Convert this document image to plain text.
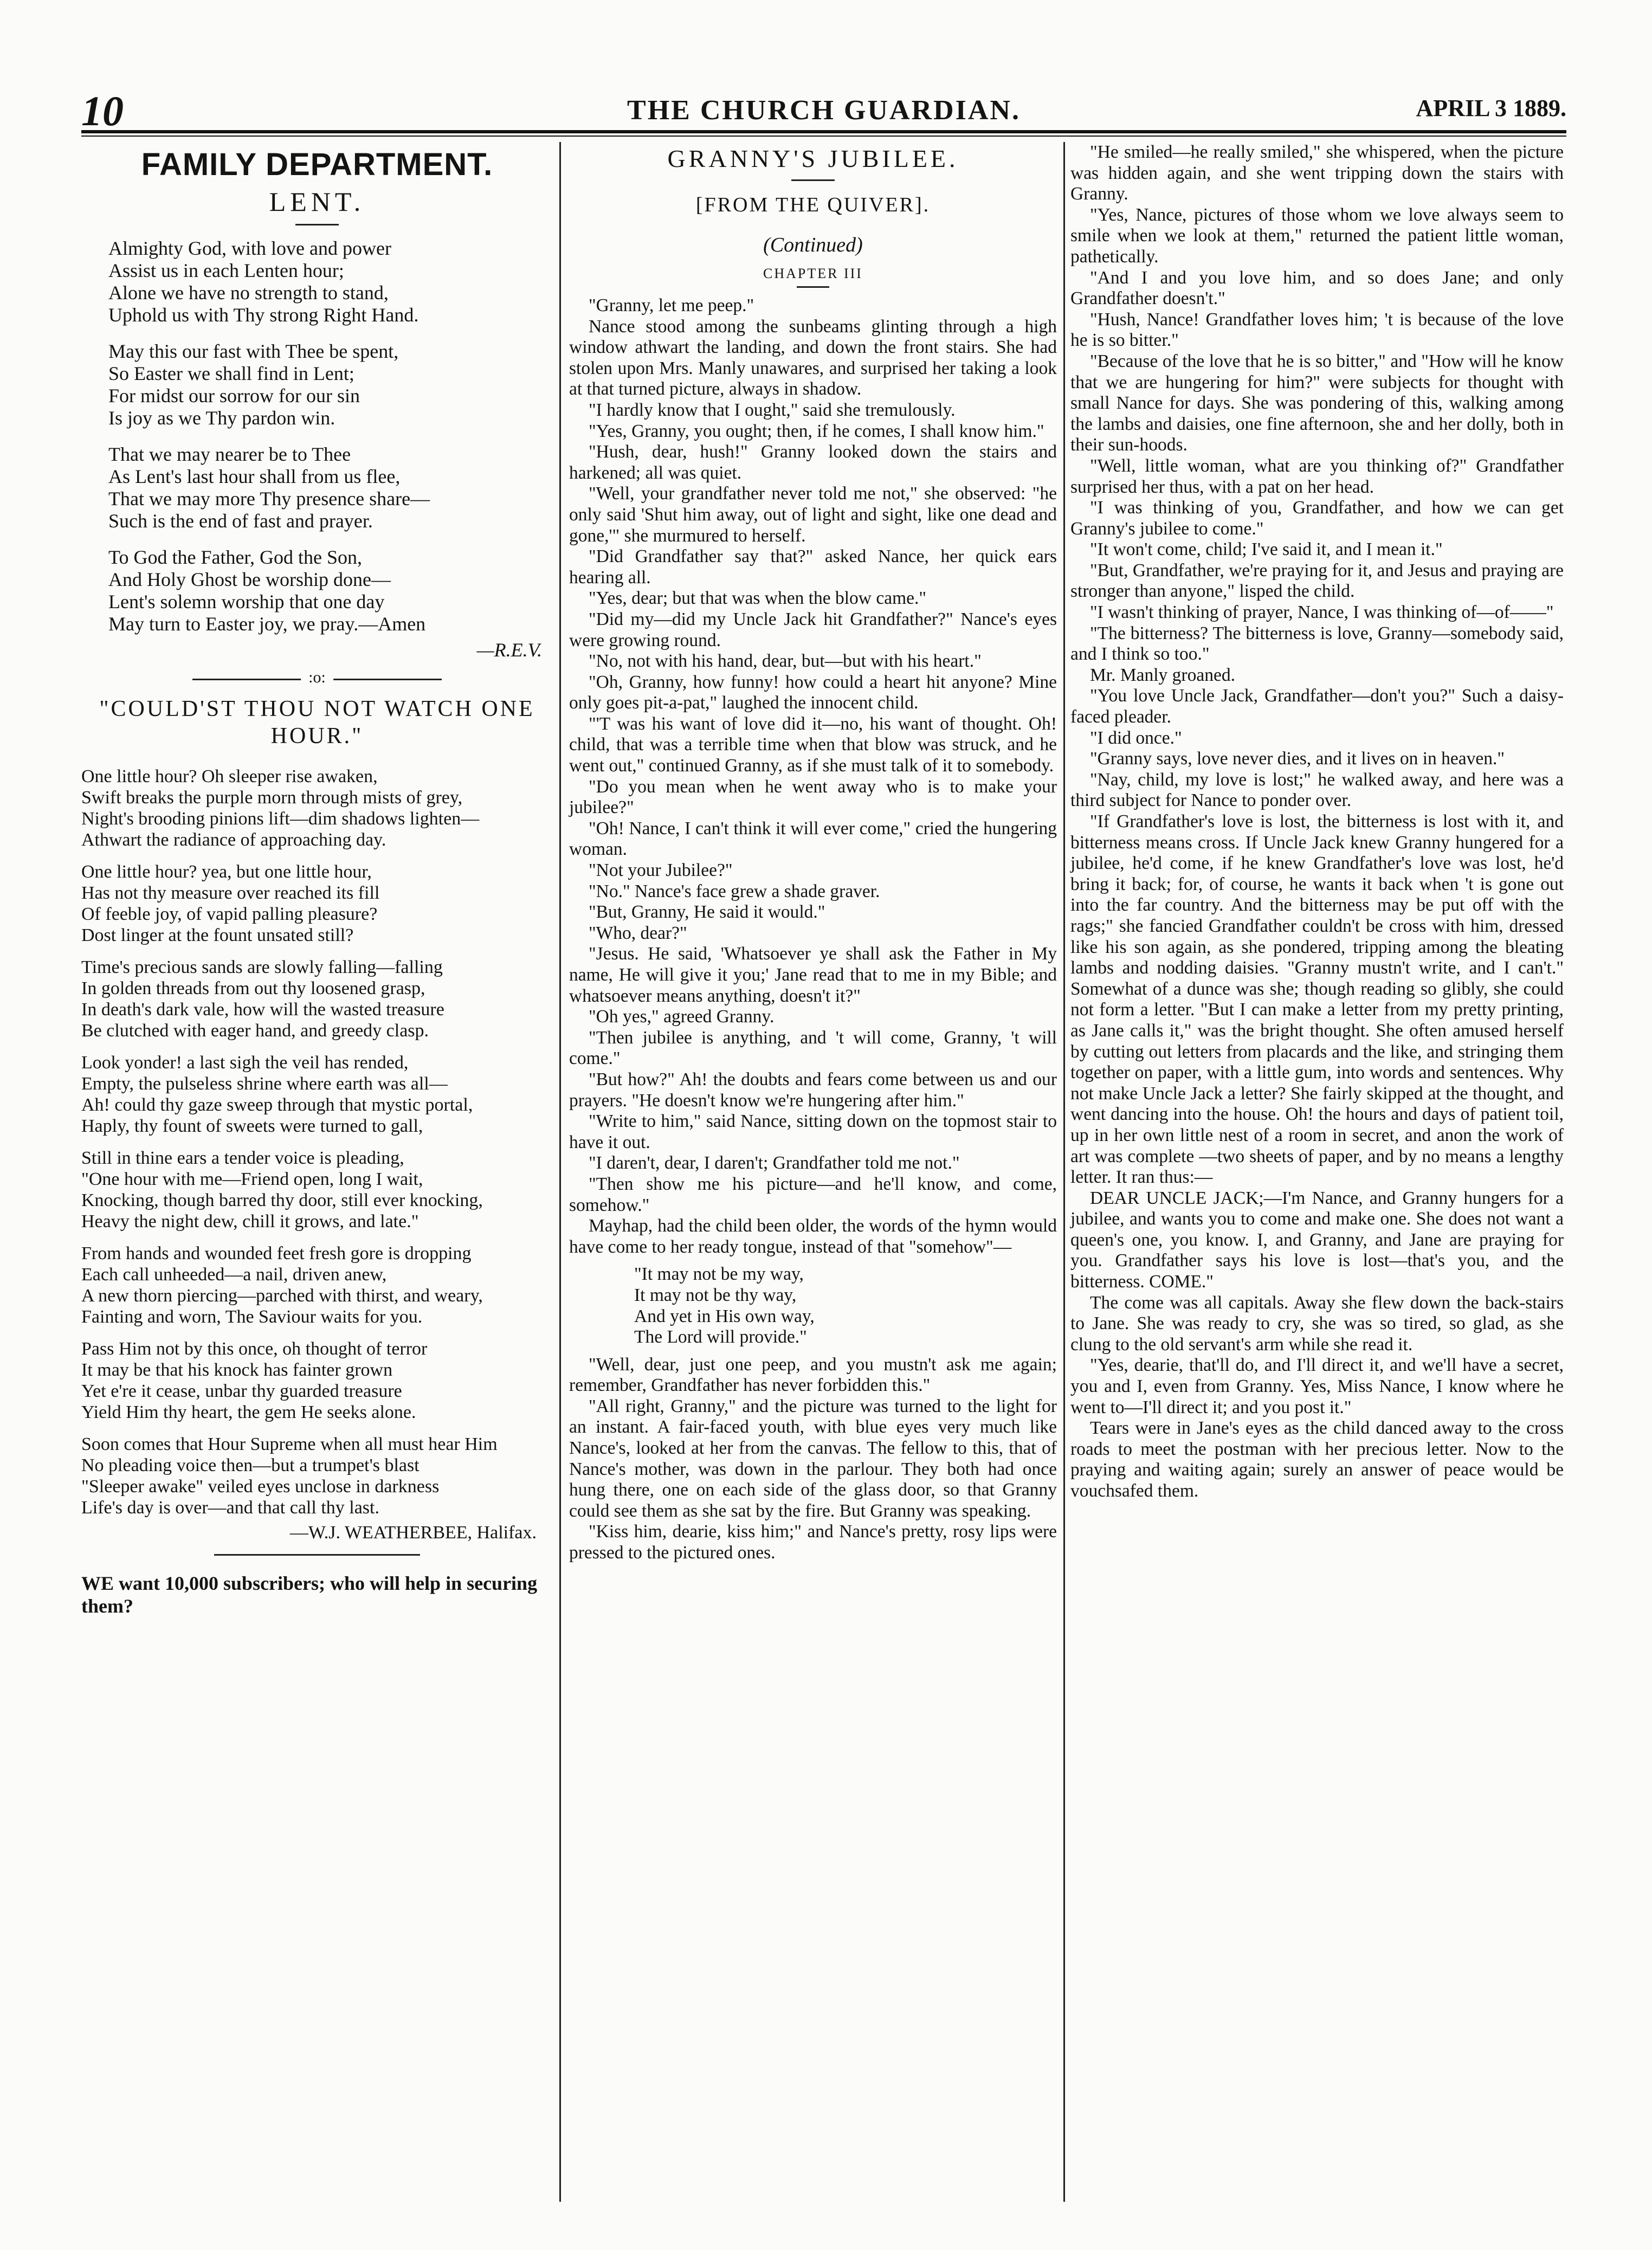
10	THE CHURCH GUARDIAN.	APRIL 3 1889.
FAMILY DEPARTMENT.
LENT.
Almighty God, with love and power
Assist us in each Lenten hour;
Alone we have no strength to stand,
Uphold us with Thy strong Right Hand.
May this our fast with Thee be spent,
So Easter we shall find in Lent;
For midst our sorrow for our sin
Is joy as we Thy pardon win.
That we may nearer be to Thee
As Lent's last hour shall from us flee,
That we may more Thy presence share—
Such is the end of fast and prayer.
To God the Father, God the Son,
And Holy Ghost be worship done—
Lent's solemn worship that one day
May turn to Easter joy, we pray.—Amen
—R.E.V.
:o:
"COULD'ST THOU NOT WATCH ONE HOUR."
One little hour? Oh sleeper rise awaken,
Swift breaks the purple morn through mists of grey,
Night's brooding pinions lift—dim shadows lighten—
Athwart the radiance of approaching day.
One little hour? yea, but one little hour,
Has not thy measure over reached its fill
Of feeble joy, of vapid palling pleasure?
Dost linger at the fount unsated still?
Time's precious sands are slowly falling—falling
In golden threads from out thy loosened grasp,
In death's dark vale, how will the wasted treasure
Be clutched with eager hand, and greedy clasp.
Look yonder! a last sigh the veil has rended,
Empty, the pulseless shrine where earth was all—
Ah! could thy gaze sweep through that mystic portal,
Haply, thy fount of sweets were turned to gall,
Still in thine ears a tender voice is pleading,
"One hour with me—Friend open, long I wait,
Knocking, though barred thy door, still ever knocking,
Heavy the night dew, chill it grows, and late."
From hands and wounded feet fresh gore is dropping
Each call unheeded—a nail, driven anew,
A new thorn piercing—parched with thirst, and weary,
Fainting and worn, The Saviour waits for you.
Pass Him not by this once, oh thought of terror
It may be that his knock has fainter grown
Yet e're it cease, unbar thy guarded treasure
Yield Him thy heart, the gem He seeks alone.
Soon comes that Hour Supreme when all must hear Him
No pleading voice then—but a trumpet's blast
"Sleeper awake" veiled eyes unclose in darkness
Life's day is over—and that call thy last.
—W.J. WEATHERBEE, Halifax.
WE want 10,000 subscribers; who will help in securing them?
GRANNY'S JUBILEE.
[FROM THE QUIVER].
(Continued)
CHAPTER III

"Granny, let me peep."

Nance stood among the sunbeams glinting through a high window athwart the landing, and down the front stairs. She had stolen upon Mrs. Manly unawares, and surprised her taking a look at that turned picture, always in shadow.

"I hardly know that I ought," said she tremulously.

"Yes, Granny, you ought; then, if he comes, I shall know him."

"Hush, dear, hush!" Granny looked down the stairs and harkened; all was quiet.

"Well, your grandfather never told me not," she observed: "he only said 'Shut him away, out of light and sight, like one dead and gone,'" she murmured to herself.

"Did Grandfather say that?" asked Nance, her quick ears hearing all.

"Yes, dear; but that was when the blow came."

"Did my—did my Uncle Jack hit Grandfather?" Nance's eyes were growing round.

"No, not with his hand, dear, but—but with his heart."

"Oh, Granny, how funny! how could a heart hit anyone? Mine only goes pit-a-pat," laughed the innocent child.

"'T was his want of love did it—no, his want of thought. Oh! child, that was a terrible time when that blow was struck, and he went out," continued Granny, as if she must talk of it to somebody.

"Do you mean when he went away who is to make your jubilee?"

"Oh! Nance, I can't think it will ever come," cried the hungering woman.

"Not your Jubilee?"

"No." Nance's face grew a shade graver.

"But, Granny, He said it would."

"Who, dear?"

"Jesus. He said, 'Whatsoever ye shall ask the Father in My name, He will give it you;' Jane read that to me in my Bible; and whatsoever means anything, doesn't it?"

"Oh yes," agreed Granny.

"Then jubilee is anything, and 't will come, Granny, 't will come."

"But how?" Ah! the doubts and fears come between us and our prayers. "He doesn't know we're hungering after him."

"Write to him," said Nance, sitting down on the topmost stair to have it out.

"I daren't, dear, I daren't; Grandfather told me not."

"Then show me his picture—and he'll know, and come, somehow."

Mayhap, had the child been older, the words of the hymn would have come to her ready tongue, instead of that "somehow"—

"It may not be my way,
It may not be thy way,
And yet in His own way,
The Lord will provide."

"Well, dear, just one peep, and you mustn't ask me again; remember, Grandfather has never forbidden this."

"All right, Granny," and the picture was turned to the light for an instant. A fair-faced youth, with blue eyes very much like Nance's, looked at her from the canvas. The fellow to this, that of Nance's mother, was down in the parlour. They both had once hung there, one on each side of the glass door, so that Granny could see them as she sat by the fire. But Granny was speaking.

"Kiss him, dearie, kiss him;" and Nance's pretty, rosy lips were pressed to the pictured ones.

"He smiled—he really smiled," she whispered, when the picture was hidden again, and she went tripping down the stairs with Granny.

"Yes, Nance, pictures of those whom we love always seem to smile when we look at them," returned the patient little woman, pathetically.

"And I and you love him, and so does Jane; and only Grandfather doesn't."

"Hush, Nance! Grandfather loves him; 't is because of the love he is so bitter."

"Because of the love that he is so bitter," and "How will he know that we are hungering for him?" were subjects for thought with small Nance for days. She was pondering of this, walking among the lambs and daisies, one fine afternoon, she and her dolly, both in their sun-hoods.

"Well, little woman, what are you thinking of?" Grandfather surprised her thus, with a pat on her head.

"I was thinking of you, Grandfather, and how we can get Granny's jubilee to come."

"It won't come, child; I've said it, and I mean it."

"But, Grandfather, we're praying for it, and Jesus and praying are stronger than anyone," lisped the child.

"I wasn't thinking of prayer, Nance, I was thinking of—of——"

"The bitterness? The bitterness is love, Granny—somebody said, and I think so too."

Mr. Manly groaned.

"You love Uncle Jack, Grandfather—don't you?" Such a daisy-faced pleader.

"I did once."

"Granny says, love never dies, and it lives on in heaven."

"Nay, child, my love is lost;" he walked away, and here was a third subject for Nance to ponder over.

"If Grandfather's love is lost, the bitterness is lost with it, and bitterness means cross. If Uncle Jack knew Granny hungered for a jubilee, he'd come, if he knew Grandfather's love was lost, he'd bring it back; for, of course, he wants it back when 't is gone out into the far country. And the bitterness may be put off with the rags;" she fancied Grandfather couldn't be cross with him, dressed like his son again, as she pondered, tripping among the bleating lambs and nodding daisies. "Granny mustn't write, and I can't." Somewhat of a dunce was she; though reading so glibly, she could not form a letter. "But I can make a letter from my pretty printing, as Jane calls it," was the bright thought. She often amused herself by cutting out letters from placards and the like, and stringing them together on paper, with a little gum, into words and sentences. Why not make Uncle Jack a letter? She fairly skipped at the thought, and went dancing into the house. Oh! the hours and days of patient toil, up in her own little nest of a room in secret, and anon the work of art was complete —two sheets of paper, and by no means a lengthy letter. It ran thus:—

DEAR UNCLE JACK;—I'm Nance, and Granny hungers for a jubilee, and wants you to come and make one. She does not want a queen's one, you know. I, and Granny, and Jane are praying for you. Grandfather says his love is lost—that's you, and the bitterness. COME."

The come was all capitals. Away she flew down the back-stairs to Jane. She was ready to cry, she was so tired, so glad, as she clung to the old servant's arm while she read it.

"Yes, dearie, that'll do, and I'll direct it, and we'll have a secret, you and I, even from Granny. Yes, Miss Nance, I know where he went to—I'll direct it; and you post it."

Tears were in Jane's eyes as the child danced away to the cross roads to meet the postman with her precious letter. Now to the praying and waiting again; surely an answer of peace would be vouchsafed them.
